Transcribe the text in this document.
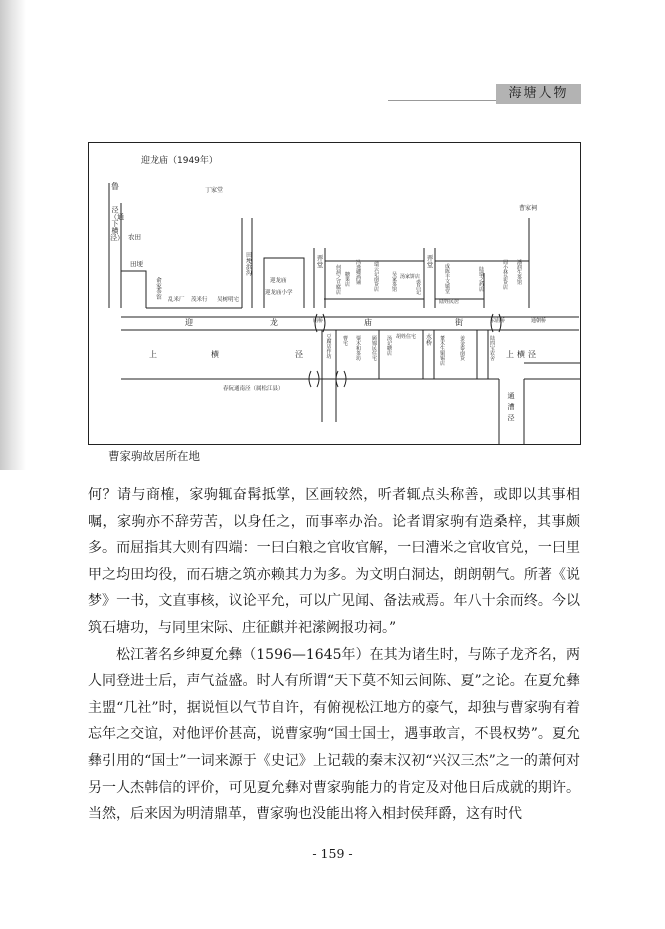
海塘人物
迎龙庙（1949年）
丁家堂
曹家祠
鲁
泾（通下横泾） 农田
田埂
俞家茶馆 乱米厂 茂米行 吴树明宅
田埂浜沟
迎龙庙
迎龙庙小学
弄堂	何洞之豆腐店
糖果店
冯逸卿酒铺
瑞云记南货店
吴家茶馆
汤家饼店
裘昌记
弄堂 成陈丰文镇堂
陆姓民居
陆瑞之药店
周小林杂货店
潘润生茶馆
东庙桥	通朝桥
庙桥
迎	龙	庙	街
上	横	泾	上横泾
豆腐店作坊
曹宅
粟木和茶坊
顾锦民住宅
汤记糖店
胡姓住宅 水桥
董木生铜锡店
姜金泰南货
陆四宝农舍
春阮通南泾（属松江县）
通漕泾
曹家驹故居所在地

何？请与商榷，家驹辄奋髯抵掌，区画较然，听者辄点头称善，或即以其事相嘱，家驹亦不辞劳苦，以身任之，而事率办治。论者谓家驹有造桑梓，其事颇多。而屈指其大则有四端：一曰白粮之官收官解，一曰漕米之官收官兑，一曰里甲之均田均役，而石塘之筑亦赖其力为多。为文明白洞达，朗朗朝气。所著《说梦》一书，文直事核，议论平允，可以广见闻、备法戒焉。年八十余而终。今以筑石塘功，与同里宋际、庄征麒并祀潆阙报功祠。”

松江著名乡绅夏允彝（1596—1645年）在其为诸生时，与陈子龙齐名，两人同登进士后，声气益盛。时人有所谓“天下莫不知云间陈、夏”之论。在夏允彝主盟“几社”时，据说恒以气节自许，有俯视松江地方的豪气，却独与曹家驹有着忘年之交谊，对他评价甚高，说曹家驹“国士国士，遇事敢言，不畏权势”。夏允彝引用的“国士”一词来源于《史记》上记载的秦末汉初“兴汉三杰”之一的萧何对另一人杰韩信的评价，可见夏允彝对曹家驹能力的肯定及对他日后成就的期许。当然，后来因为明清鼎革，曹家驹也没能出将入相封侯拜爵，这有时代

- 159 -
